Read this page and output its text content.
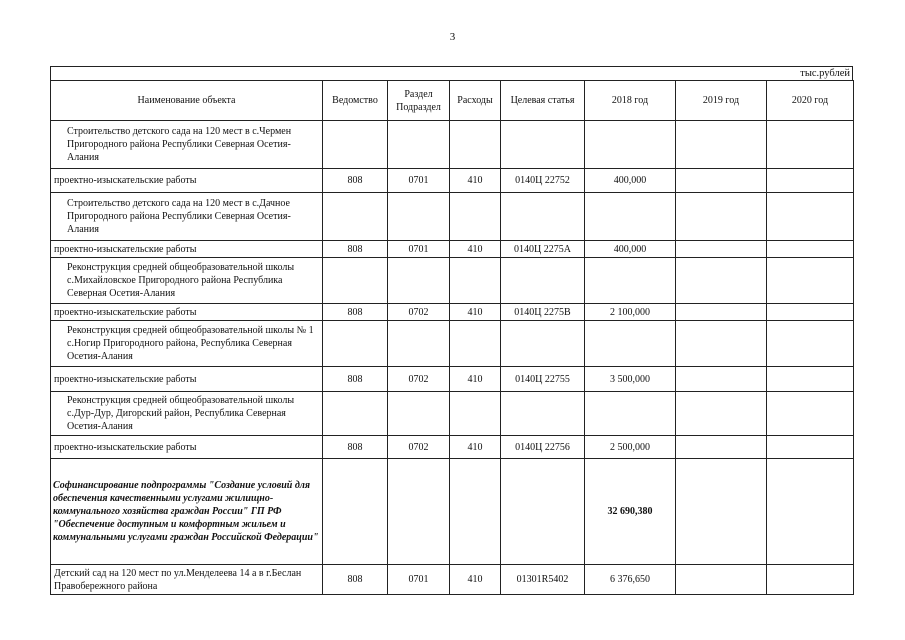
3
тыс.рублей
Наименование объекта	Ведомство	Раздел Подраздел	Расходы	Целевая статья	2018 год	2019 год	2020 год
Строительство детского сада на 120 мест в с.Чермен Пригородного района Республики Северная Осетия-Алания							
проектно-изыскательские работы	808	0701	410	0140Ц 22752	400,000		
Строительство детского сада на 120 мест в с.Дачное Пригородного района Республики Северная Осетия-Алания							
проектно-изыскательские работы	808	0701	410	0140Ц 2275А	400,000		
Реконструкция средней общеобразовательной школы с.Михайловское Пригородного района Республика Северная Осетия-Алания							
проектно-изыскательские работы	808	0702	410	0140Ц 2275В	2 100,000		
Реконструкция средней общеобразовательной школы № 1 с.Ногир Пригородного района, Республика Северная Осетия-Алания							
проектно-изыскательские работы	808	0702	410	0140Ц 22755	3 500,000		
Реконструкция средней общеобразовательной школы с.Дур-Дур, Дигорский район, Республика Северная Осетия-Алания							
проектно-изыскательские работы	808	0702	410	0140Ц 22756	2 500,000		
Софинансирование подпрограммы "Создание условий для обеспечения качественными услугами жилищно-коммунального хозяйства граждан России" ГП РФ "Обеспечение доступным и комфортным жильем и коммунальными услугами граждан Российской Федерации"					32 690,380		
Детский сад на 120 мест по ул.Менделеева 14 а в г.Беслан Правобережного района	808	0701	410	01301R5402	6 376,650		
